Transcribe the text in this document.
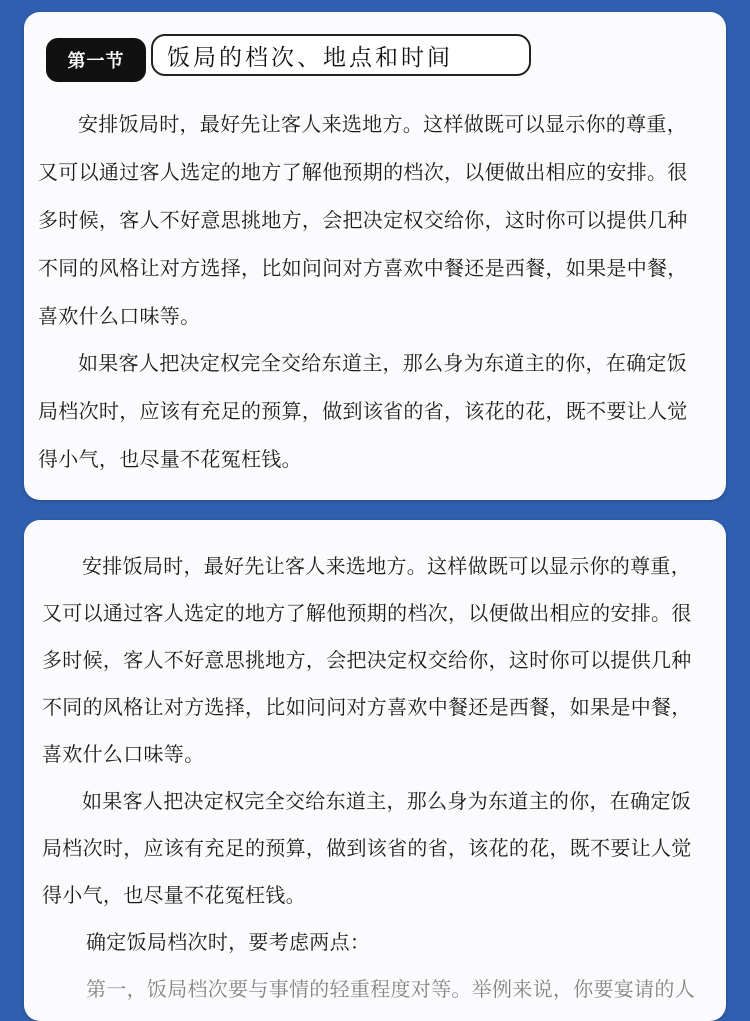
第一节	饭局的档次、地点和时间
安排饭局时，最好先让客人来选地方。这样做既可以显示你的尊重，
又可以通过客人选定的地方了解他预期的档次，以便做出相应的安排。很
多时候，客人不好意思挑地方，会把决定权交给你，这时你可以提供几种
不同的风格让对方选择，比如问问对方喜欢中餐还是西餐，如果是中餐，
喜欢什么口味等。
如果客人把决定权完全交给东道主，那么身为东道主的你，在确定饭
局档次时，应该有充足的预算，做到该省的省，该花的花，既不要让人觉
得小气，也尽量不花冤枉钱。
安排饭局时，最好先让客人来选地方。这样做既可以显示你的尊重，
又可以通过客人选定的地方了解他预期的档次，以便做出相应的安排。很
多时候，客人不好意思挑地方，会把决定权交给你，这时你可以提供几种
不同的风格让对方选择，比如问问对方喜欢中餐还是西餐，如果是中餐，
喜欢什么口味等。
如果客人把决定权完全交给东道主，那么身为东道主的你，在确定饭
局档次时，应该有充足的预算，做到该省的省，该花的花，既不要让人觉
得小气，也尽量不花冤枉钱。
确定饭局档次时，要考虑两点：
第一，饭局档次要与事情的轻重程度对等。举例来说，你要宴请的人
